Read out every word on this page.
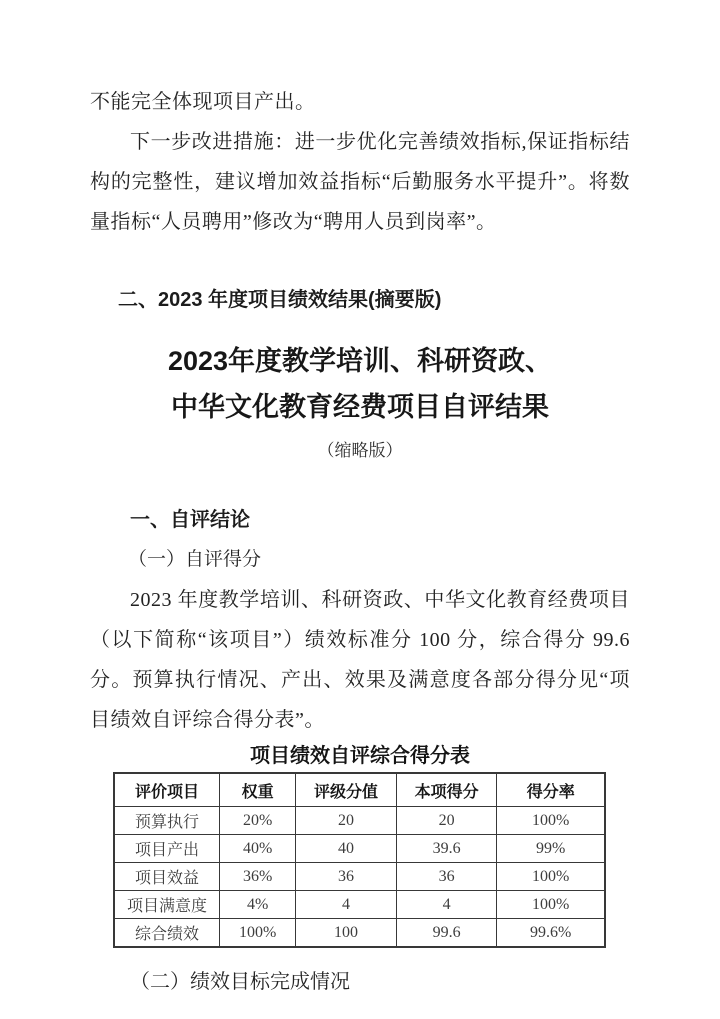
不能完全体现项目产出。

下一步改进措施：进一步优化完善绩效指标,保证指标结构的完整性，建议增加效益指标“后勤服务水平提升”。将数量指标“人员聘用”修改为“聘用人员到岗率”。

二、2023 年度项目绩效结果(摘要版)

2023年度教学培训、科研资政、
中华文化教育经费项目自评结果

（缩略版）

一、自评结论

（一）自评得分

2023 年度教学培训、科研资政、中华文化教育经费项目（以下简称“该项目”）绩效标准分 100 分，综合得分 99.6 分。预算执行情况、产出、效果及满意度各部分得分见“项目绩效自评综合得分表”。

项目绩效自评综合得分表

评价项目	权重	评级分值	本项得分	得分率
预算执行	20%	20	20	100%
项目产出	40%	40	39.6	99%
项目效益	36%	36	36	100%
项目满意度	4%	4	4	100%
综合绩效	100%	100	99.6	99.6%

（二）绩效目标完成情况
